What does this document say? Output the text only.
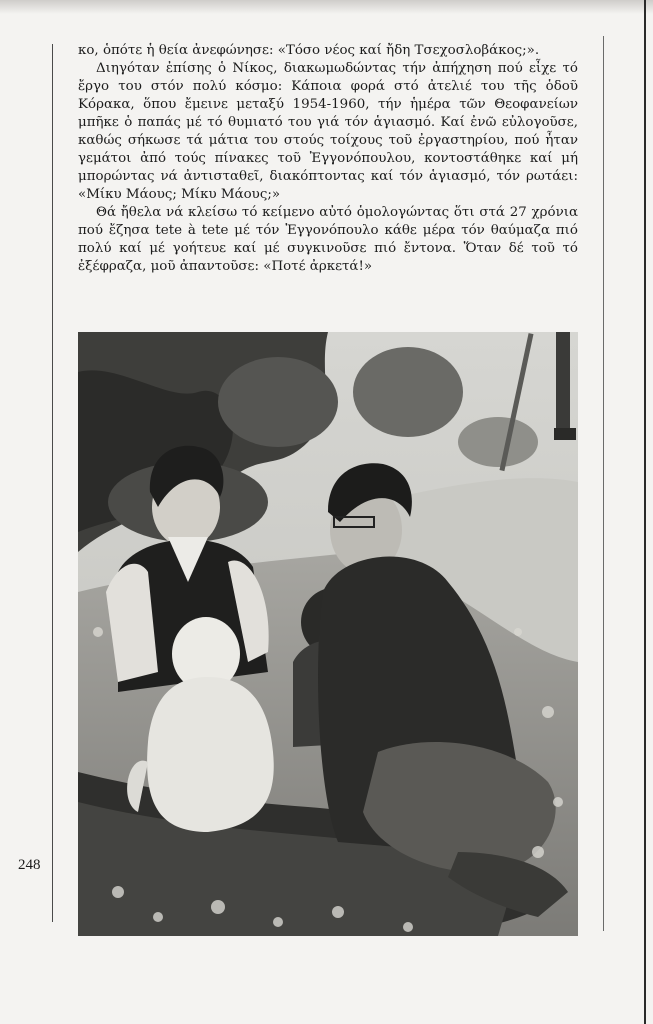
κο, ὁπότε ἡ θεία ἀνεφώνησε: «Τόσο νέος καί ἤδη Τσεχοσλοβάκος;».

Διηγόταν ἐπίσης ὁ Νίκος, διακωμωδώντας τήν ἀπήχηση πού εἶχε τό ἔργο του στόν πολύ κόσμο: Κάποια φορά στό ἀτελιέ του τῆς ὁδοῦ Κόρακα, ὅπου ἔμεινε μεταξύ 1954-1960, τήν ἡμέρα τῶν Θεοφανείων μπῆκε ὁ παπάς μέ τό θυμιατό του γιά τόν ἁγιασμό. Καί ἐνῶ εὐλογοῦσε, καθώς σήκωσε τά μάτια του στούς τοίχους τοῦ ἐργαστηρίου, πού ἦταν γεμάτοι ἀπό τούς πίνακες τοῦ Ἐγγονόπουλου, κοντοστάθηκε καί μή μπορώντας νά ἀντισταθεῖ, διακόπτοντας καί τόν ἁγιασμό, τόν ρωτάει: «Μίκυ Μάους; Μίκυ Μάους;»

Θά ἤθελα νά κλείσω τό κείμενο αὐτό ὁμολογώντας ὅτι στά 27 χρόνια πού ἔζησα tete à tete μέ τόν Ἐγγονόπουλο κάθε μέρα τόν θαύμαζα πιό πολύ καί μέ γοήτευε καί μέ συγκινοῦσε πιό ἔντονα. Ὅταν δέ τοῦ τό ἐξέφραζα, μοῦ ἀπαντοῦσε: «Ποτέ ἀρκετά!»

248
